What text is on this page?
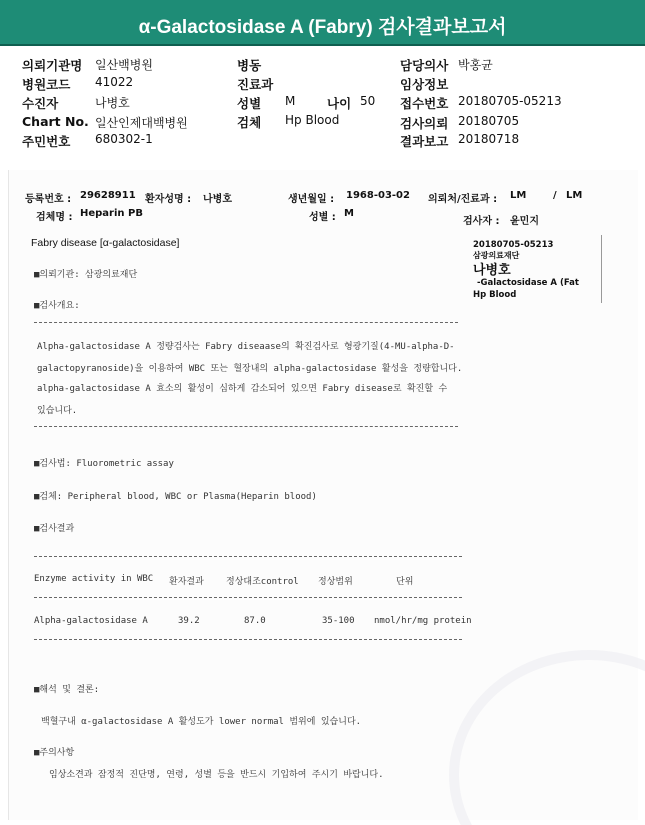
α-Galactosidase A (Fabry) 검사결과보고서
의뢰기관명 일산백병원
병원코드 41022
수진자	나병호
Chart No. 일산인제대백병원
주민번호 680302-1
병동
진료과
성별 M	나이 50
검체 Hp Blood
담당의사 박홍균
임상정보
접수번호 20180705-05213
검사의뢰 20180705
결과보고 20180718
등록번호 : 29628911 환자성명 : 나병호	생년월일 : 1968-03-02 의뢰처/진료과 : LM	/ LM
검체명 : Heparin PB	성별 : M
검사자 : 윤민지
Fabry disease [α-galactosidase]	20180705-05213
삼광의료재단
나병호
-Galactosidase A (Fat
Hp Blood
■의뢰기관: 삼광의료재단
■검사개요:
Alpha-galactosidase A 정량검사는 Fabry diseaase의 확진검사로 형광기질(4-MU-alpha-D-
galactopyranoside)을 이용하여 WBC 또는 혈장내의 alpha-galactosidase 활성을 정량합니다.
alpha-galactosidase A 효소의 활성이 심하게 감소되어 있으면 Fabry disease로 확진할 수
있습니다.
■검사법: Fluorometric assay
■검체: Peripheral blood, WBC or Plasma(Heparin blood)
■검사결과
Enzyme activity in WBC 환자결과 정상대조control 정상범위	단위
Alpha-galactosidase A	39.2	87.0	35-100 nmol/hr/mg protein
■해석 및 결론:
백혈구내 α-galactosidase A 활성도가 lower normal 범위에 있습니다.
■주의사항
임상소견과 잠정적 진단명, 연령, 성별 등을 반드시 기입하여 주시기 바랍니다.
